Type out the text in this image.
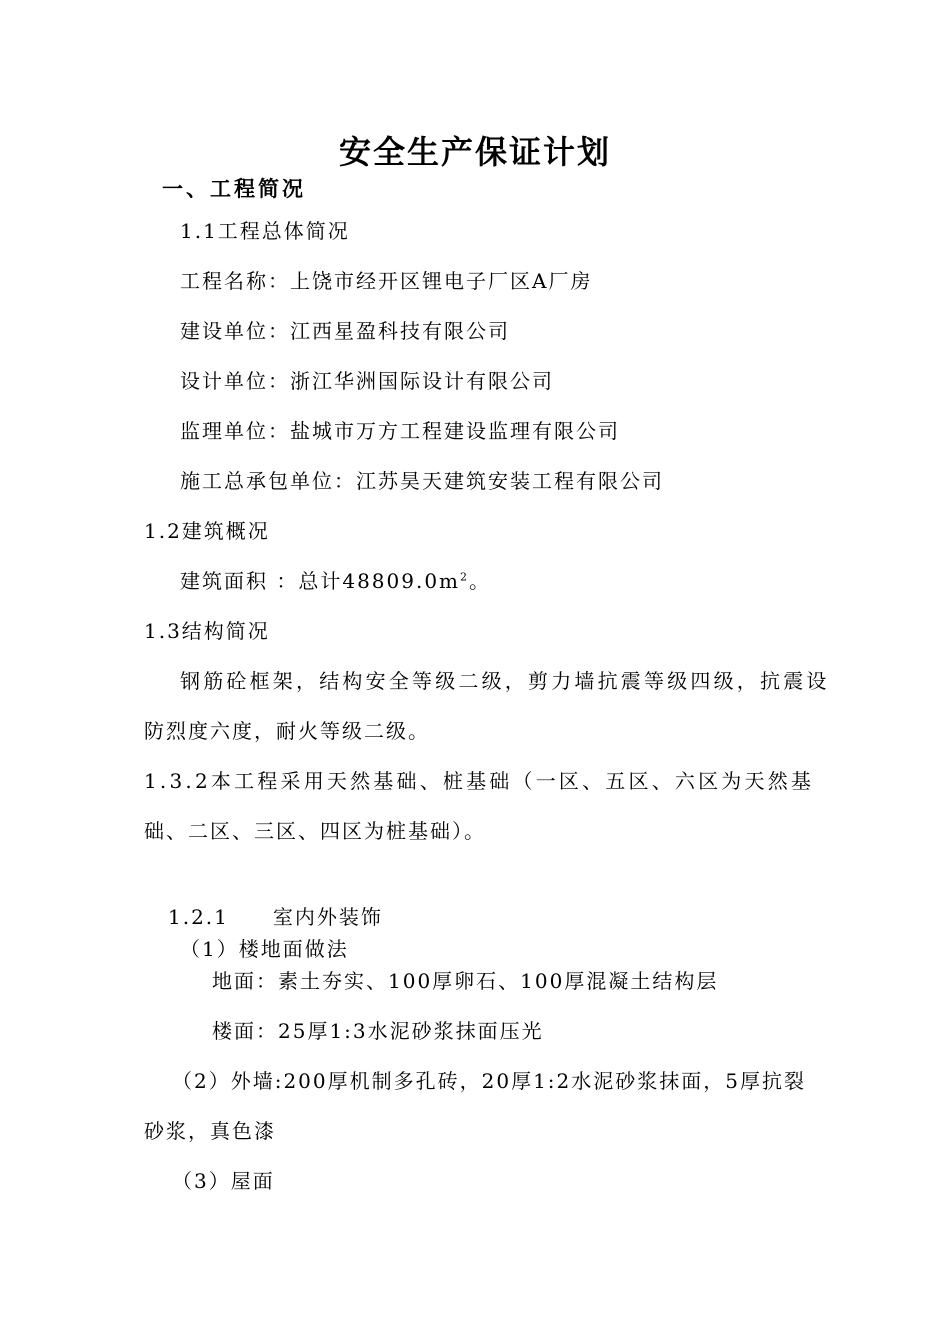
安全生产保证计划
一、工程简况
1.1工程总体简况
工程名称：上饶市经开区锂电子厂区A厂房
建设单位：江西星盈科技有限公司
设计单位：浙江华洲国际设计有限公司
监理单位：盐城市万方工程建设监理有限公司
施工总承包单位：江苏昊天建筑安装工程有限公司
1.2建筑概况
建筑面积 ：总计$48809.0m^2$。
1.3结构简况
钢筋砼框架，结构安全等级二级，剪力墙抗震等级四级，抗震设
防烈度六度，耐火等级二级。
1.3.2本工程采用天然基础、桩基础（一区、五区、六区为天然基
础、二区、三区、四区为桩基础）。
1.2.1　　室内外装饰
（1）楼地面做法
地面：素土夯实、100厚卵石、100厚混凝土结构层
楼面：25厚1:3水泥砂浆抹面压光
（2）外墙:200厚机制多孔砖，20厚1:2水泥砂浆抹面，5厚抗裂
砂浆，真色漆
（3）屋面
